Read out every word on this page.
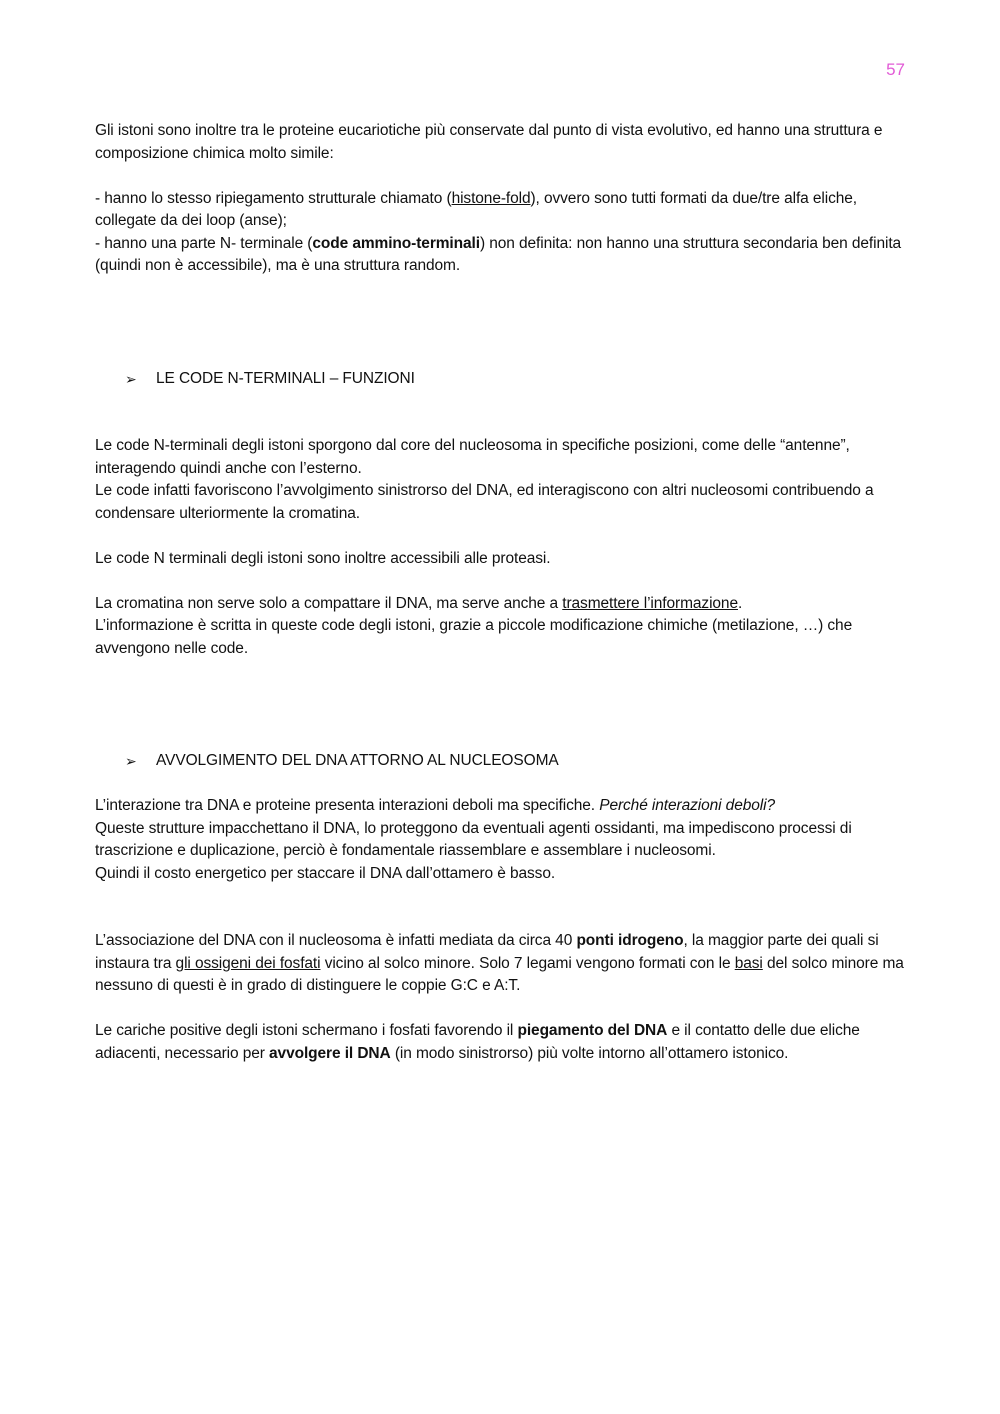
57

Gli istoni sono inoltre tra le proteine eucariotiche più conservate dal punto di vista evolutivo, ed hanno una struttura e composizione chimica molto simile:

- hanno lo stesso ripiegamento strutturale chiamato (histone-fold), ovvero sono tutti formati da due/tre alfa eliche, collegate da dei loop (anse);

- hanno una parte N- terminale (code ammino-terminali) non definita: non hanno una struttura secondaria ben definita (quindi non è accessibile), ma è una struttura random.

➢ LE CODE N-TERMINALI – FUNZIONI

Le code N-terminali degli istoni sporgono dal core del nucleosoma in specifiche posizioni, come delle “antenne”, interagendo quindi anche con l’esterno.

Le code infatti favoriscono l’avvolgimento sinistrorso del DNA, ed interagiscono con altri nucleosomi contribuendo a condensare ulteriormente la cromatina.

Le code N terminali degli istoni sono inoltre accessibili alle proteasi.

La cromatina non serve solo a compattare il DNA, ma serve anche a trasmettere l’informazione.

L’informazione è scritta in queste code degli istoni, grazie a piccole modificazione chimiche (metilazione, …) che avvengono nelle code.

➢ AVVOLGIMENTO DEL DNA ATTORNO AL NUCLEOSOMA

L’interazione tra DNA e proteine presenta interazioni deboli ma specifiche. Perché interazioni deboli?

Queste strutture impacchettano il DNA, lo proteggono da eventuali agenti ossidanti, ma impediscono processi di trascrizione e duplicazione, perciò è fondamentale riassemblare e assemblare i nucleosomi.

Quindi il costo energetico per staccare il DNA dall’ottamero è basso.

L’associazione del DNA con il nucleosoma è infatti mediata da circa 40 ponti idrogeno, la maggior parte dei quali si instaura tra gli ossigeni dei fosfati vicino al solco minore. Solo 7 legami vengono formati con le basi del solco minore ma nessuno di questi è in grado di distinguere le coppie G:C e A:T.

Le cariche positive degli istoni schermano i fosfati favorendo il piegamento del DNA e il contatto delle due eliche adiacenti, necessario per avvolgere il DNA (in modo sinistrorso) più volte intorno all’ottamero istonico.
